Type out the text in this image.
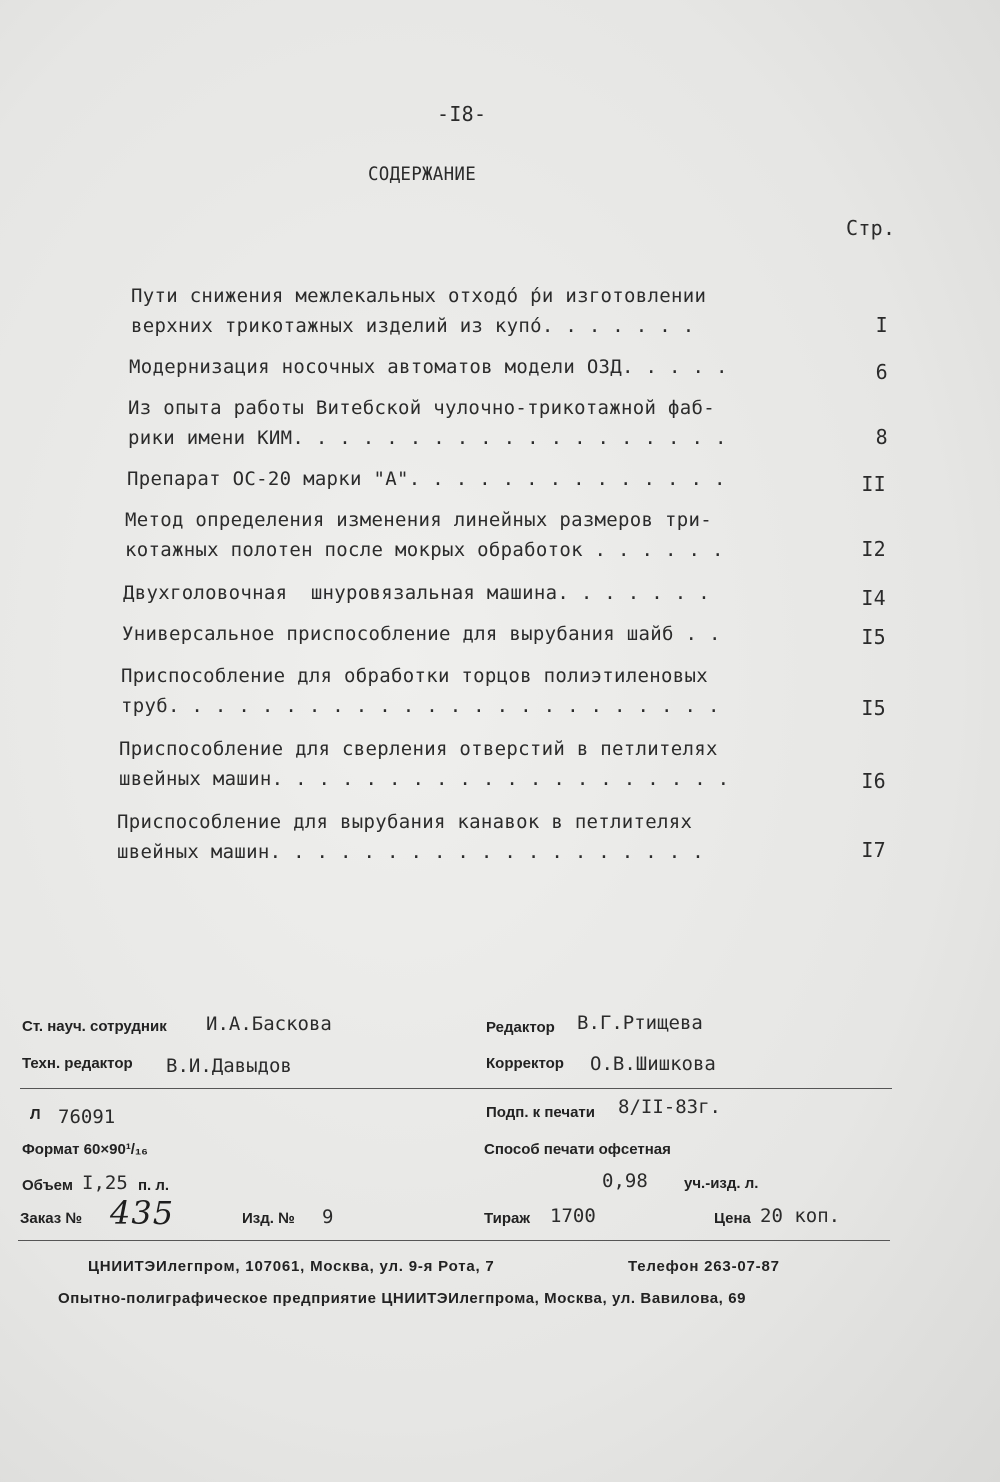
-I8-
СОДЕРЖАНИЕ
Стр.
Пути снижения межлекальных отходо́ ́ри изготовлении
верхних трикотажных изделий из купо́. . . . . . .	I
Модернизация носочных автоматов модели ОЗД. . . . .	6
Из опыта работы Витебской чулочно-трикотажной фаб-
рики имени КИМ. . . . . . . . . . . . . . . . . . .	8
Препарат ОС-20 марки "А". . . . . . . . . . . . . .	II
Метод определения изменения линейных размеров три-
котажных полотен после мокрых обработок . . . . . .	I2
Двухголовочная  шнуровязальная машина. . . . . . .	I4
Универсальное приспособление для вырубания шайб . .	I5
Приспособление для обработки торцов полиэтиленовых
труб. . . . . . . . . . . . . . . . . . . . . . . .	I5
Приспособление для сверления отверстий в петлителях
швейных машин. . . . . . . . . . . . . . . . . . . .	I6
Приспособление для вырубания канавок в петлителях
швейных машин. . . . . . . . . . . . . . . . . . .	I7
Ст. науч. сотрудник И.А.Баскова	Редактор В.Г.Ртищева
Техн. редактор В.И.Давыдов	Корректор О.В.Шишкова
Л 76091	Подп. к печати 8/II-83г.
Формат 60×90¹/₁₆	Способ печати офсетная
Объем I,25 п. л.	0,98 уч.-изд. л.
Заказ № 435	Изд. № 9	Тираж 1700	Цена 20 коп.
ЦНИИТЭИлегпром, 107061, Москва, ул. 9-я Рота, 7	Телефон 263-07-87
Опытно-полиграфическое предприятие ЦНИИТЭИлегпрома, Москва, ул. Вавилова, 69
